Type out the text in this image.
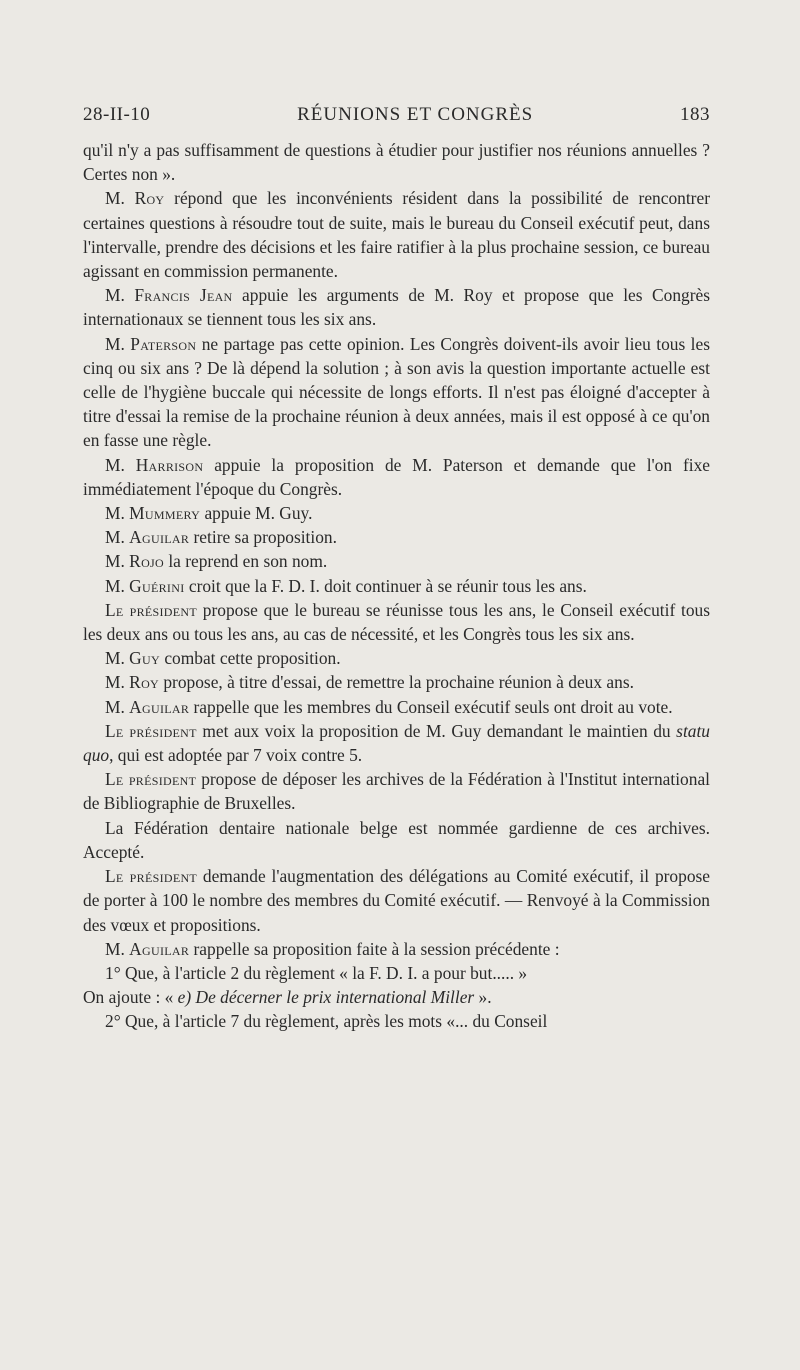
28-II-10	RÉUNIONS ET CONGRÈS	183

qu'il n'y a pas suffisamment de questions à étudier pour justifier nos réunions annuelles ? Certes non ».

M. Roy répond que les inconvénients résident dans la possibilité de rencontrer certaines questions à résoudre tout de suite, mais le bureau du Conseil exécutif peut, dans l'intervalle, prendre des décisions et les faire ratifier à la plus prochaine session, ce bureau agissant en commission permanente.

M. Francis Jean appuie les arguments de M. Roy et propose que les Congrès internationaux se tiennent tous les six ans.

M. Paterson ne partage pas cette opinion. Les Congrès doivent-ils avoir lieu tous les cinq ou six ans ? De là dépend la solution ; à son avis la question importante actuelle est celle de l'hygiène buccale qui nécessite de longs efforts. Il n'est pas éloigné d'accepter à titre d'essai la remise de la prochaine réunion à deux années, mais il est opposé à ce qu'on en fasse une règle.

M. Harrison appuie la proposition de M. Paterson et demande que l'on fixe immédiatement l'époque du Congrès.

M. Mummery appuie M. Guy.

M. Aguilar retire sa proposition.

M. Rojo la reprend en son nom.

M. Guérini croit que la F. D. I. doit continuer à se réunir tous les ans.

Le président propose que le bureau se réunisse tous les ans, le Conseil exécutif tous les deux ans ou tous les ans, au cas de nécessité, et les Congrès tous les six ans.

M. Guy combat cette proposition.

M. Roy propose, à titre d'essai, de remettre la prochaine réunion à deux ans.

M. Aguilar rappelle que les membres du Conseil exécutif seuls ont droit au vote.

Le président met aux voix la proposition de M. Guy demandant le maintien du statu quo, qui est adoptée par 7 voix contre 5.

Le président propose de déposer les archives de la Fédération à l'Institut international de Bibliographie de Bruxelles.

La Fédération dentaire nationale belge est nommée gardienne de ces archives. Accepté.

Le président demande l'augmentation des délégations au Comité exécutif, il propose de porter à 100 le nombre des membres du Comité exécutif. — Renvoyé à la Commission des vœux et propositions.

M. Aguilar rappelle sa proposition faite à la session précédente :

1° Que, à l'article 2 du règlement « la F. D. I. a pour but..... »

On ajoute : « e) De décerner le prix international Miller ».

2° Que, à l'article 7 du règlement, après les mots «... du Conseil
